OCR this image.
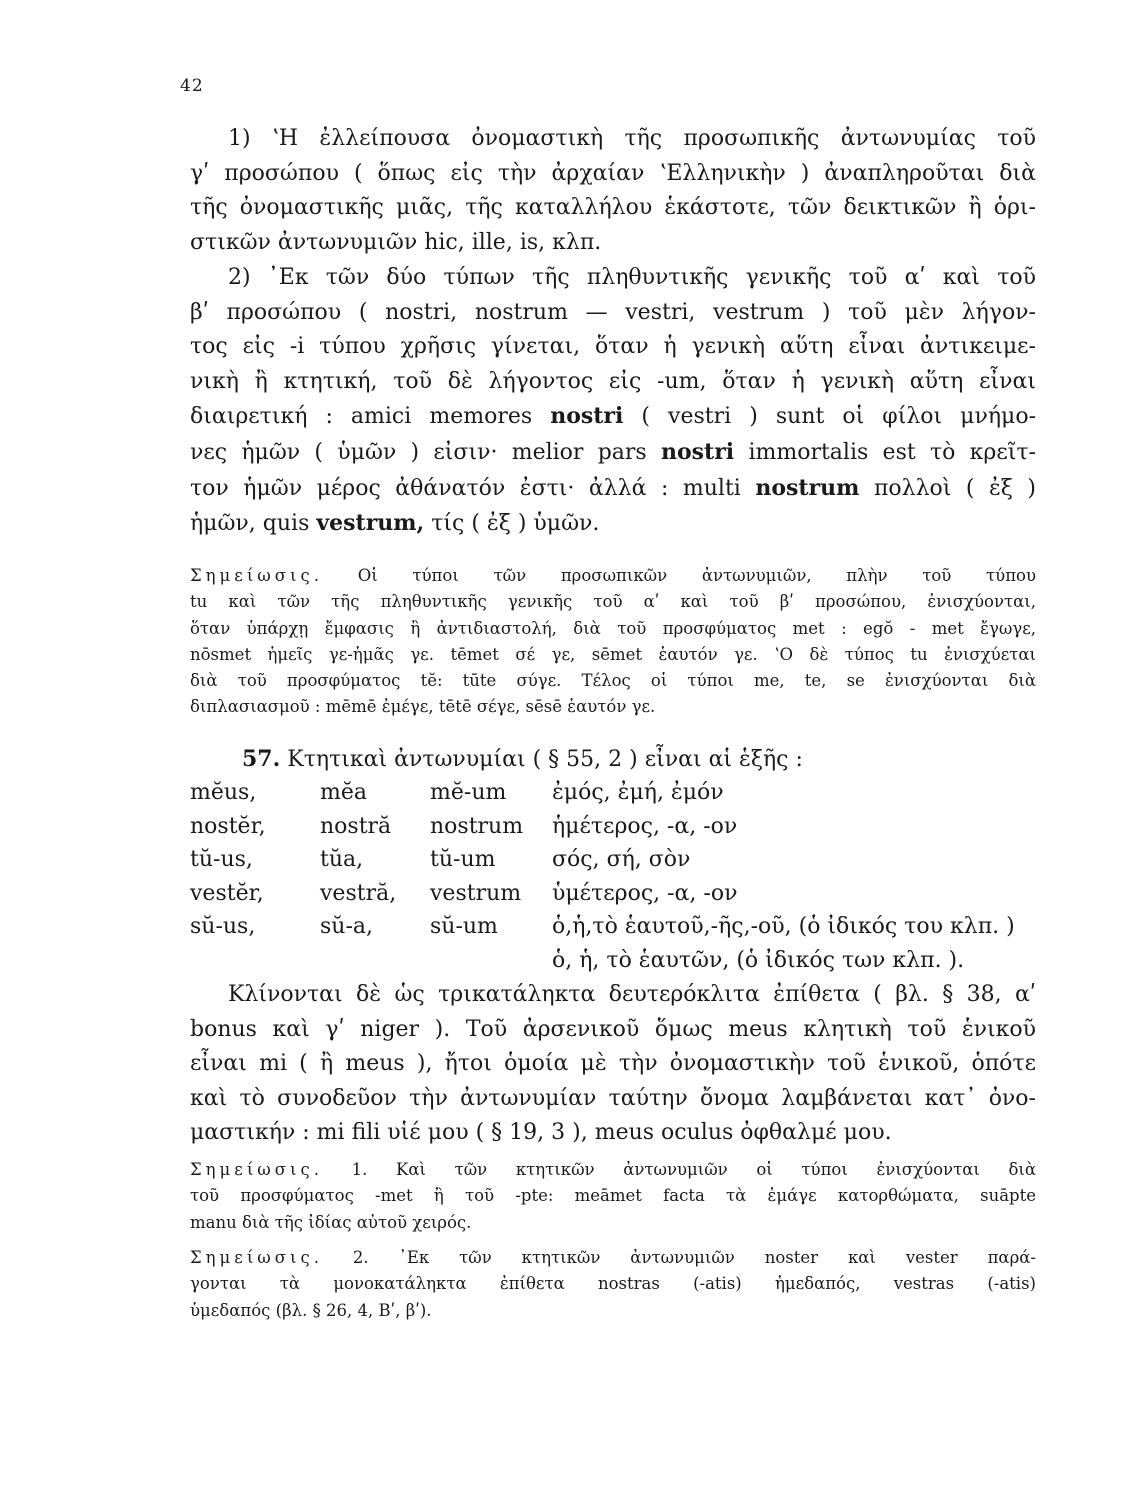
42
1) ʽΗ ἐλλείπουσα ὀνομαστικὴ τῆς προσωπικῆς ἀντωνυμίας τοῦ
γʹ προσώπου ( ὅπως εἰς τὴν ἀρχαίαν ʽΕλληνικὴν ) ἀναπληροῦται διὰ
τῆς ὀνομαστικῆς μιᾶς, τῆς καταλλήλου ἑκάστοτε, τῶν δεικτικῶν ἢ ὁρι-
στικῶν ἀντωνυμιῶν hic, ille, is, κλπ.
2) ᾿Εκ τῶν δύο τύπων τῆς πληθυντικῆς γενικῆς τοῦ αʹ καὶ τοῦ
βʹ προσώπου ( nostri, nostrum — vestri, vestrum ) τοῦ μὲν λήγον-
τος εἰς -i τύπου χρῆσις γίνεται, ὅταν ἡ γενικὴ αὕτη εἶναι ἀντικειμε-
νικὴ ἢ κτητική, τοῦ δὲ λήγοντος εἰς -um, ὅταν ἡ γενικὴ αὕτη εἶναι
διαιρετική : amici memores nostri ( vestri ) sunt οἱ φίλοι μνήμο-
νες ἡμῶν ( ὑμῶν ) εἰσιν· melior pars nostri immortalis est τὸ κρεῖτ-
τον ἡμῶν μέρος ἀθάνατόν ἐστι· ἀλλά : multi nostrum πολλοὶ ( ἐξ )
ἡμῶν, quis vestrum, τίς ( ἐξ ) ὑμῶν.
Σημείωσις. Οἱ τύποι τῶν προσωπικῶν ἀντωνυμιῶν, πλὴν τοῦ τύπου
tu καὶ τῶν τῆς πληθυντικῆς γενικῆς τοῦ αʹ καὶ τοῦ βʹ προσώπου, ἐνισχύονται,
ὅταν ὑπάρχῃ ἔμφασις ἢ ἀντιδιαστολή, διὰ τοῦ προσφύματος met : egŏ - met ἔγωγε,
nōsmet ἡμεῖς γε-ἡμᾶς γε. tēmet σέ γε, sēmet ἑαυτόν γε. ʽΟ δὲ τύπος tu ἐνισχύεται
διὰ τοῦ προσφύματος tĕ: tūte σύγε. Τέλος οἱ τύποι me, te, se ἐνισχύονται διὰ
διπλασιασμοῦ : mēmē ἐμέγε, tētē σέγε, sēsē ἑαυτόν γε.
57. Κτητικαὶ ἀντωνυμίαι ( § 55, 2 ) εἶναι αἱ ἑξῆς :
mĕus,	mĕa	mĕ-um ἐμός, ἐμή, ἐμόν
nostĕr, nostră nostrum ἡμέτερος, -α, -ον
tŭ-us,	tŭa,	tŭ-um	σός, σή, σὸν
vestĕr,	vestră, vestrum ὑμέτερος, -α, -ον
sŭ-us,	sŭ-a,	sŭ-um ὁ,ἡ,τὸ ἑαυτοῦ,-ῆς,-οῦ, (ὁ ἰδικός του κλπ. )
ὁ, ἡ, τὸ ἑαυτῶν, (ὁ ἰδικός των κλπ. ).
Κλίνονται δὲ ὡς τρικατάληκτα δευτερόκλιτα ἐπίθετα ( βλ. § 38, αʹ
bonus καὶ γʹ niger ). Τοῦ ἀρσενικοῦ ὅμως meus κλητικὴ τοῦ ἑνικοῦ
εἶναι mi ( ἢ meus ), ἤτοι ὁμοία μὲ τὴν ὀνομαστικὴν τοῦ ἑνικοῦ, ὁπότε
καὶ τὸ συνοδεῦον τὴν ἀντωνυμίαν ταύτην ὄνομα λαμβάνεται κατ᾿ ὀνο-
μαστικήν : mi fili υἱέ μου ( § 19, 3 ), meus oculus ὀφθαλμέ μου.
Σημείωσις. 1. Καὶ τῶν κτητικῶν ἀντωνυμιῶν οἱ τύποι ἐνισχύονται διὰ
τοῦ προσφύματος -met ἢ τοῦ -pte: meāmet facta τὰ ἐμάγε κατορθώματα, suāpte
manu διὰ τῆς ἰδίας αὐτοῦ χειρός.
Σημείωσις. 2. ᾿Εκ τῶν κτητικῶν ἀντωνυμιῶν noster καὶ vester παρά-
γονται τὰ μονοκατάληκτα ἐπίθετα nostras (-atis) ἡμεδαπός, vestras (-atis)
ὑμεδαπός (βλ. § 26, 4, Βʹ, βʹ).
